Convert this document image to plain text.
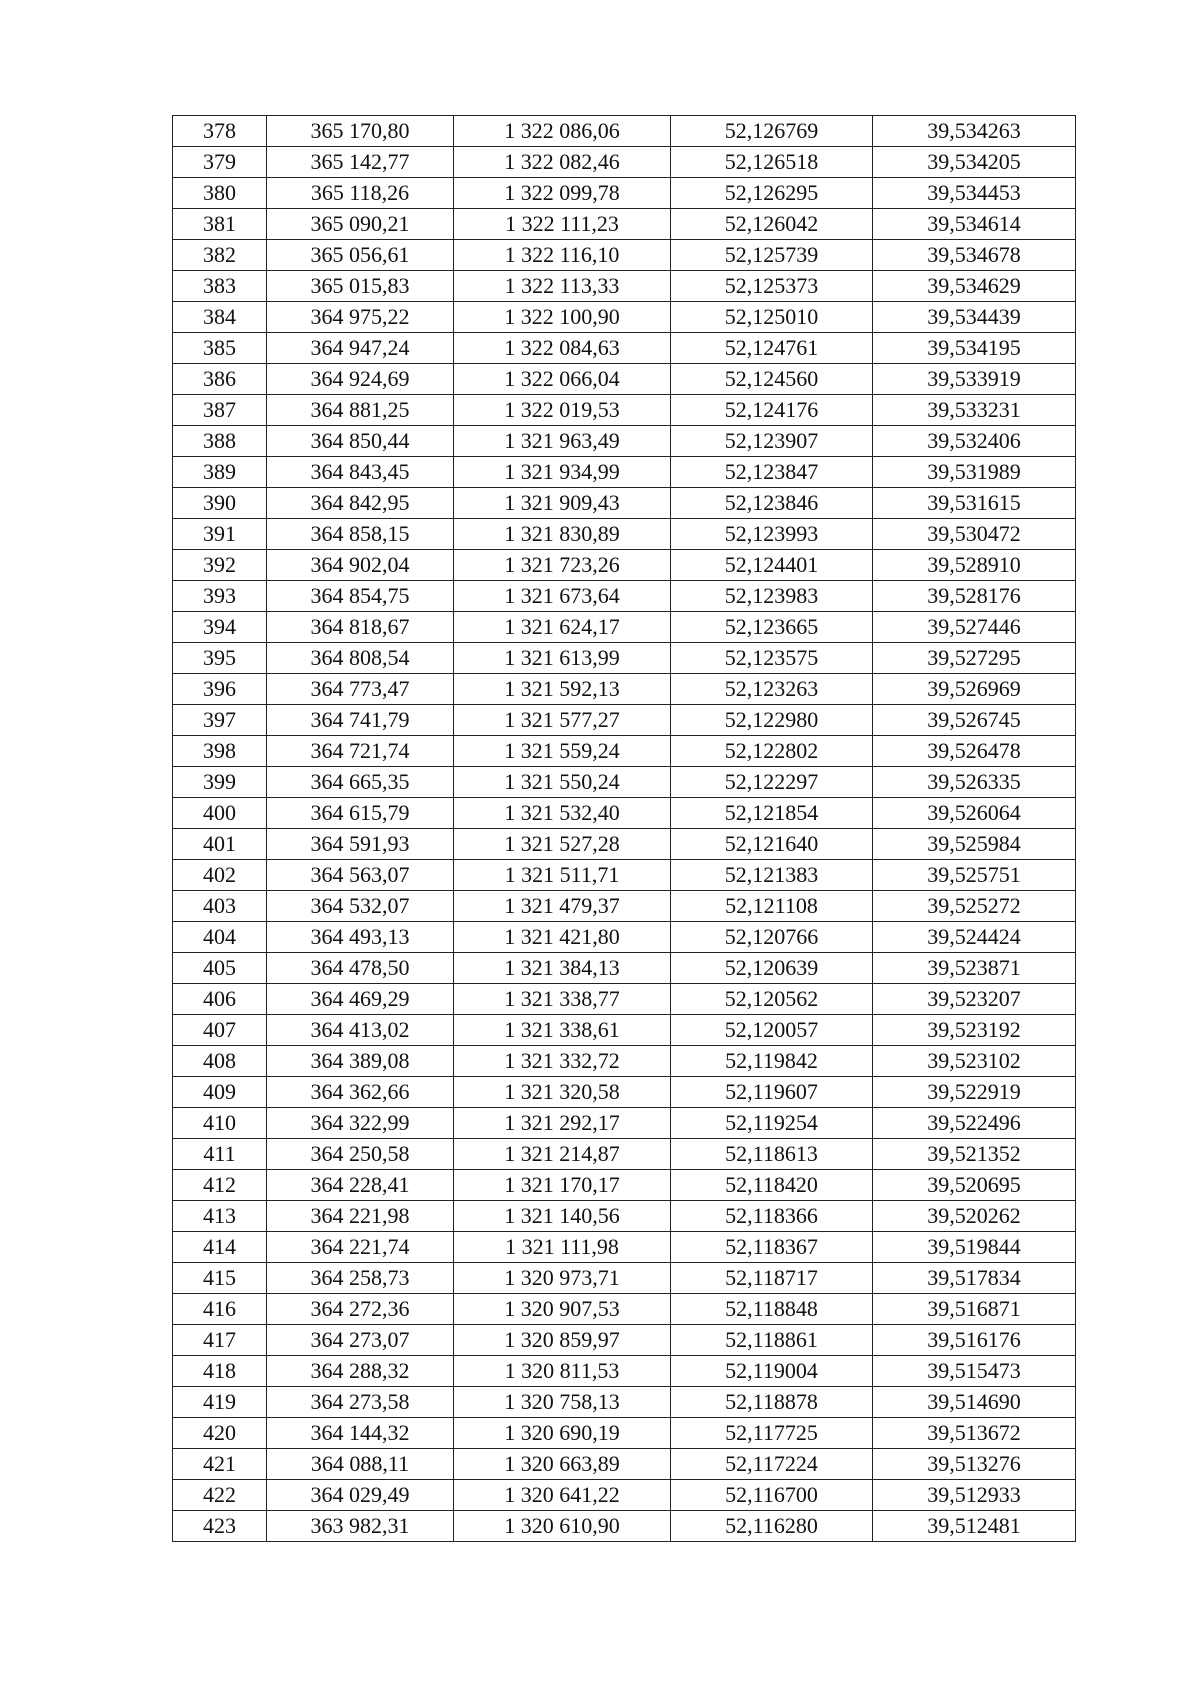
378	365 170,80	1 322 086,06	52,126769	39,534263
379	365 142,77	1 322 082,46	52,126518	39,534205
380	365 118,26	1 322 099,78	52,126295	39,534453
381	365 090,21	1 322 111,23	52,126042	39,534614
382	365 056,61	1 322 116,10	52,125739	39,534678
383	365 015,83	1 322 113,33	52,125373	39,534629
384	364 975,22	1 322 100,90	52,125010	39,534439
385	364 947,24	1 322 084,63	52,124761	39,534195
386	364 924,69	1 322 066,04	52,124560	39,533919
387	364 881,25	1 322 019,53	52,124176	39,533231
388	364 850,44	1 321 963,49	52,123907	39,532406
389	364 843,45	1 321 934,99	52,123847	39,531989
390	364 842,95	1 321 909,43	52,123846	39,531615
391	364 858,15	1 321 830,89	52,123993	39,530472
392	364 902,04	1 321 723,26	52,124401	39,528910
393	364 854,75	1 321 673,64	52,123983	39,528176
394	364 818,67	1 321 624,17	52,123665	39,527446
395	364 808,54	1 321 613,99	52,123575	39,527295
396	364 773,47	1 321 592,13	52,123263	39,526969
397	364 741,79	1 321 577,27	52,122980	39,526745
398	364 721,74	1 321 559,24	52,122802	39,526478
399	364 665,35	1 321 550,24	52,122297	39,526335
400	364 615,79	1 321 532,40	52,121854	39,526064
401	364 591,93	1 321 527,28	52,121640	39,525984
402	364 563,07	1 321 511,71	52,121383	39,525751
403	364 532,07	1 321 479,37	52,121108	39,525272
404	364 493,13	1 321 421,80	52,120766	39,524424
405	364 478,50	1 321 384,13	52,120639	39,523871
406	364 469,29	1 321 338,77	52,120562	39,523207
407	364 413,02	1 321 338,61	52,120057	39,523192
408	364 389,08	1 321 332,72	52,119842	39,523102
409	364 362,66	1 321 320,58	52,119607	39,522919
410	364 322,99	1 321 292,17	52,119254	39,522496
411	364 250,58	1 321 214,87	52,118613	39,521352
412	364 228,41	1 321 170,17	52,118420	39,520695
413	364 221,98	1 321 140,56	52,118366	39,520262
414	364 221,74	1 321 111,98	52,118367	39,519844
415	364 258,73	1 320 973,71	52,118717	39,517834
416	364 272,36	1 320 907,53	52,118848	39,516871
417	364 273,07	1 320 859,97	52,118861	39,516176
418	364 288,32	1 320 811,53	52,119004	39,515473
419	364 273,58	1 320 758,13	52,118878	39,514690
420	364 144,32	1 320 690,19	52,117725	39,513672
421	364 088,11	1 320 663,89	52,117224	39,513276
422	364 029,49	1 320 641,22	52,116700	39,512933
423	363 982,31	1 320 610,90	52,116280	39,512481
